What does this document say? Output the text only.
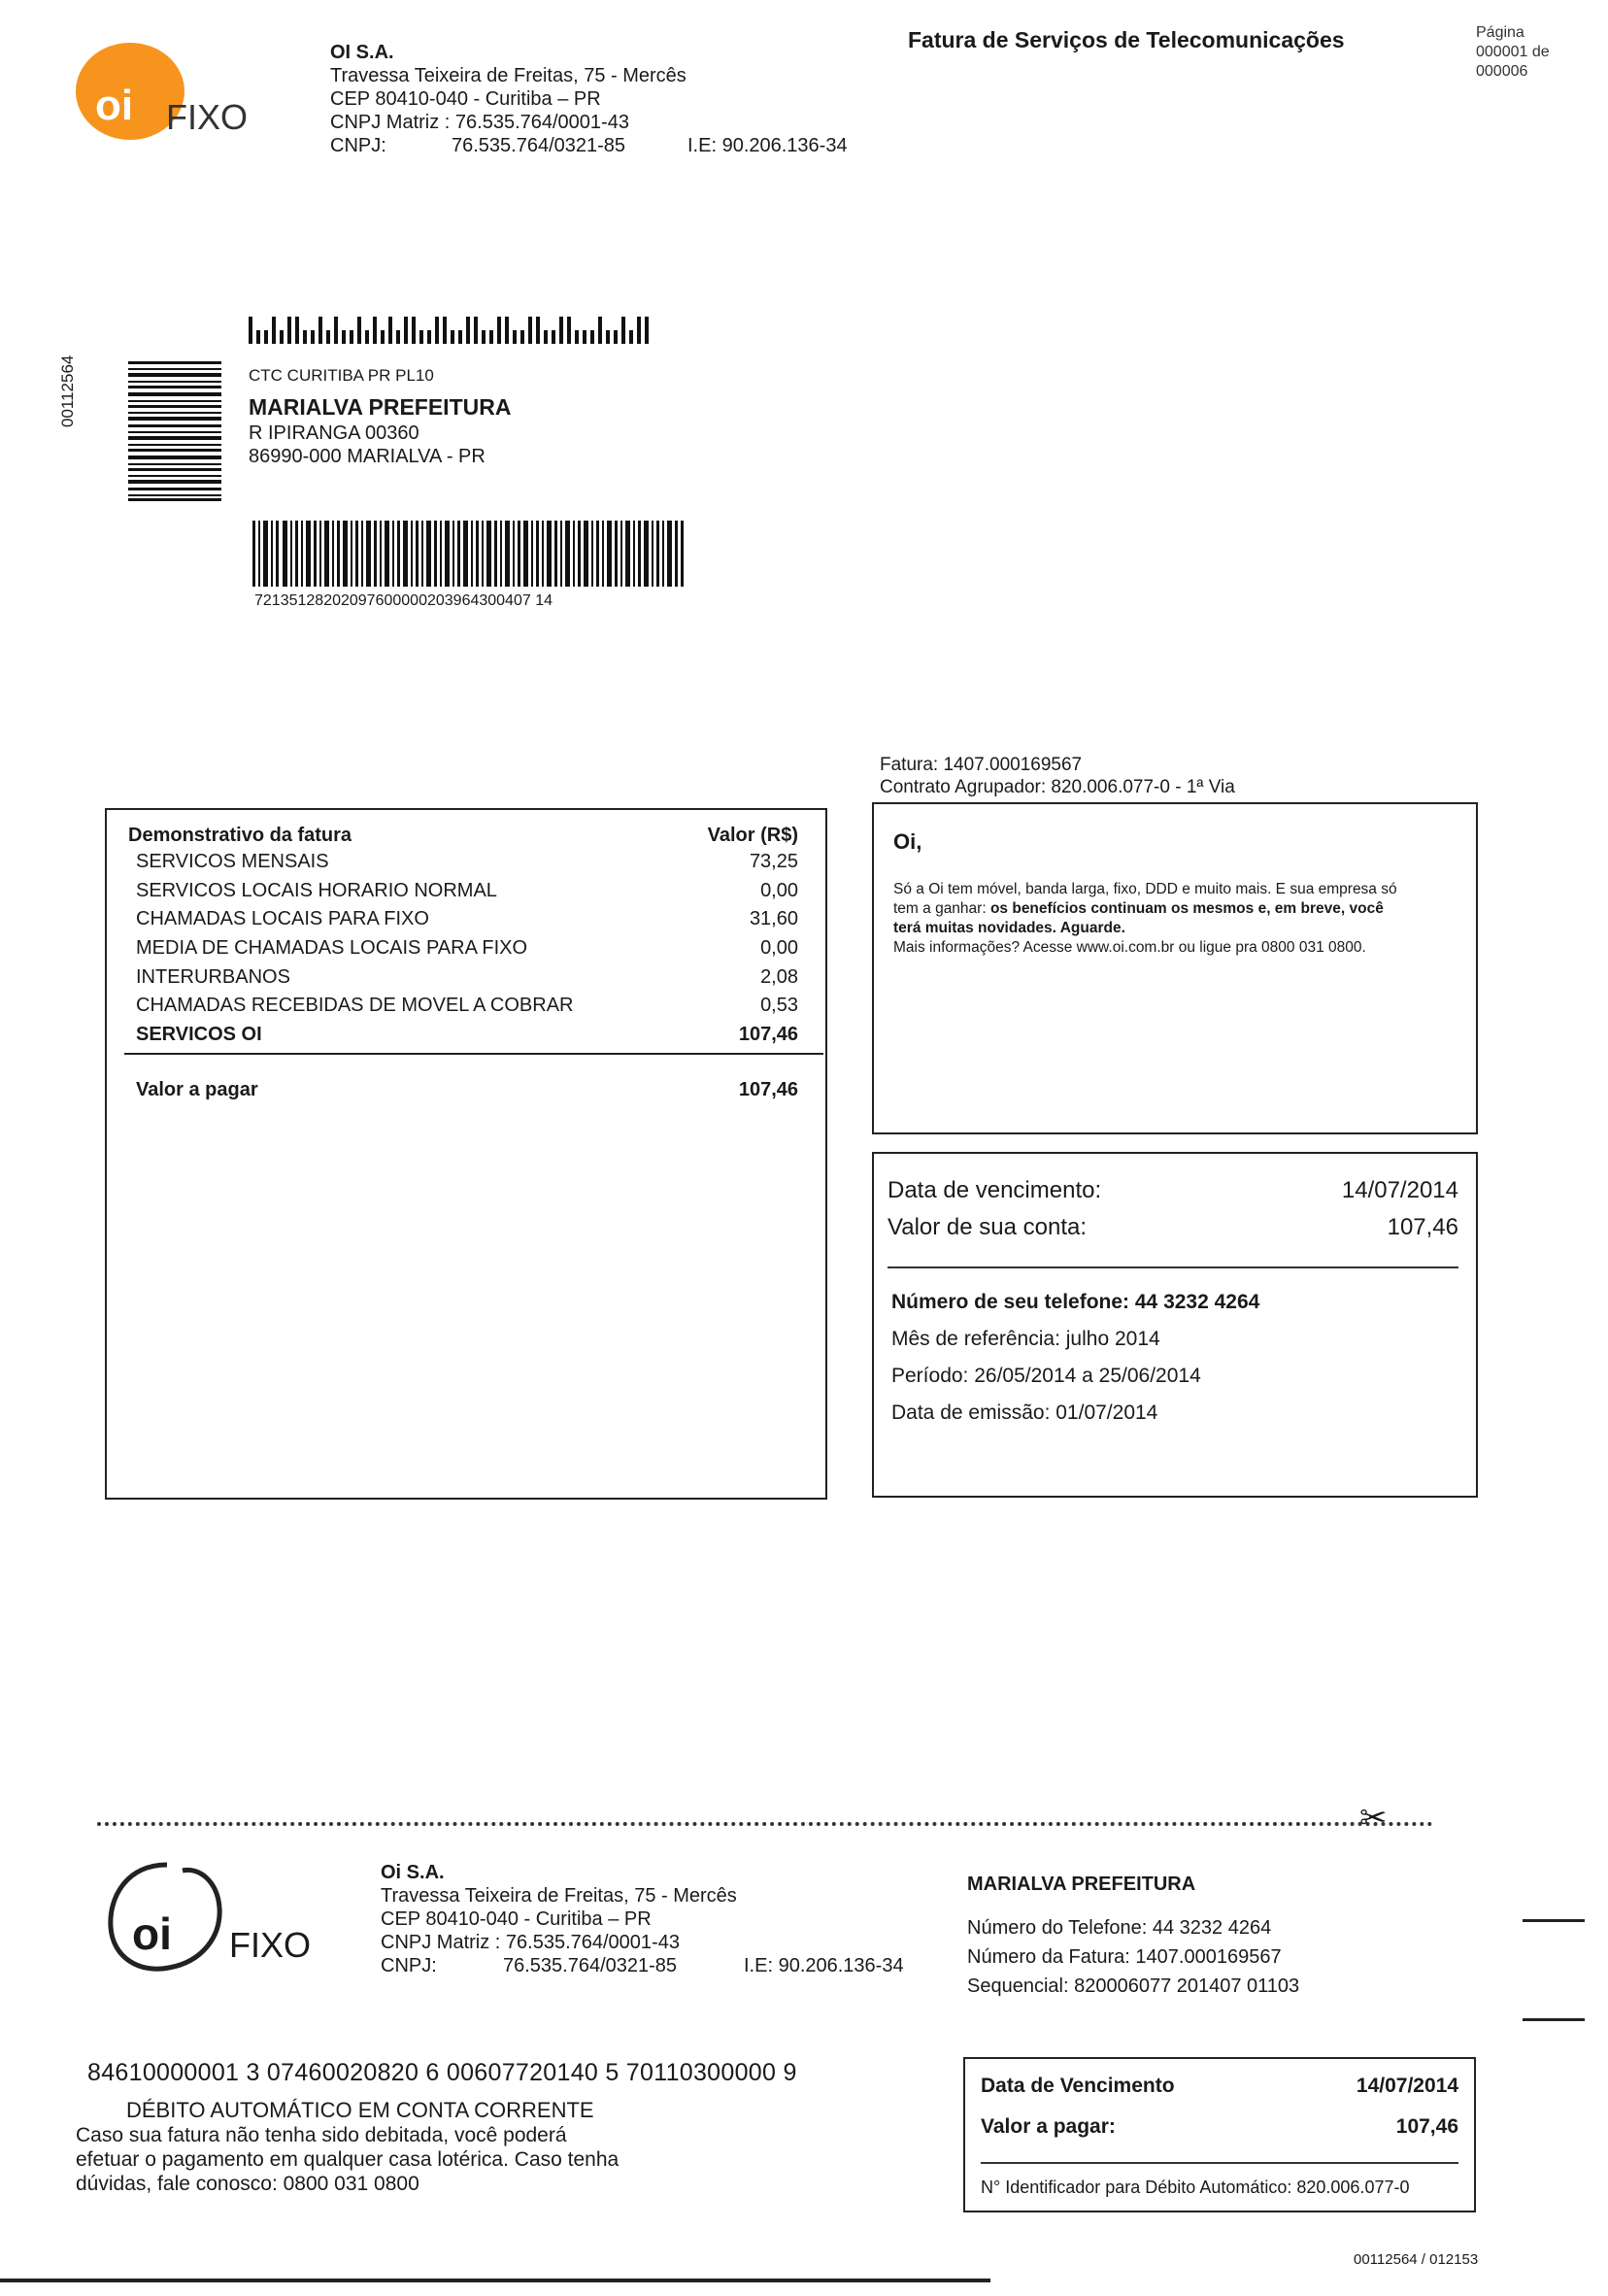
oi FIXO
OI S.A.
Travessa Teixeira de Freitas, 75 - Mercês
CEP 80410-040 - Curitiba – PR
CNPJ Matriz : 76.535.764/0001-43
CNPJ:	76.535.764/0321-85	I.E: 90.206.136-34
Fatura de Serviços de Telecomunicações	Página
000001 de
000006
00112564	CTC CURITIBA PR PL10
MARIALVA PREFEITURA
R IPIRANGA 00360
86990-000 MARIALVA - PR
72135128202097600000203964300407 14
Fatura: 1407.000169567
Contrato Agrupador: 820.006.077-0 - 1ª Via
Demonstrativo da fatura	Valor (R$)
SERVICOS MENSAIS	73,25
SERVICOS LOCAIS HORARIO NORMAL	0,00
CHAMADAS LOCAIS PARA FIXO	31,60
MEDIA DE CHAMADAS LOCAIS PARA FIXO	0,00
INTERURBANOS	2,08
CHAMADAS RECEBIDAS DE MOVEL A COBRAR	0,53
SERVICOS OI	107,46
Valor a pagar	107,46
Oi,
Só a Oi tem móvel, banda larga, fixo, DDD e muito mais. E sua empresa só
tem a ganhar: os benefícios continuam os mesmos e, em breve, você
terá muitas novidades. Aguarde.
Mais informações? Acesse www.oi.com.br ou ligue pra 0800 031 0800.
Data de vencimento:	14/07/2014
Valor de sua conta:	107,46
Número de seu telefone: 44 3232 4264
Mês de referência: julho 2014
Período: 26/05/2014 a 25/06/2014
Data de emissão: 01/07/2014
✂
oi FIXO
Oi S.A.
Travessa Teixeira de Freitas, 75 - Mercês
CEP 80410-040 - Curitiba – PR
CNPJ Matriz : 76.535.764/0001-43
CNPJ:	76.535.764/0321-85	I.E: 90.206.136-34
MARIALVA PREFEITURA
Número do Telefone: 44 3232 4264
Número da Fatura: 1407.000169567
Sequencial: 820006077 201407 01103
84610000001 3 07460020820 6 00607720140 5 70110300000 9
DÉBITO AUTOMÁTICO EM CONTA CORRENTE
Caso sua fatura não tenha sido debitada, você poderá
efetuar o pagamento em qualquer casa lotérica. Caso tenha
dúvidas, fale conosco: 0800 031 0800
Data de Vencimento	14/07/2014
Valor a pagar:	107,46
N° Identificador para Débito Automático: 820.006.077-0
00112564 / 012153
